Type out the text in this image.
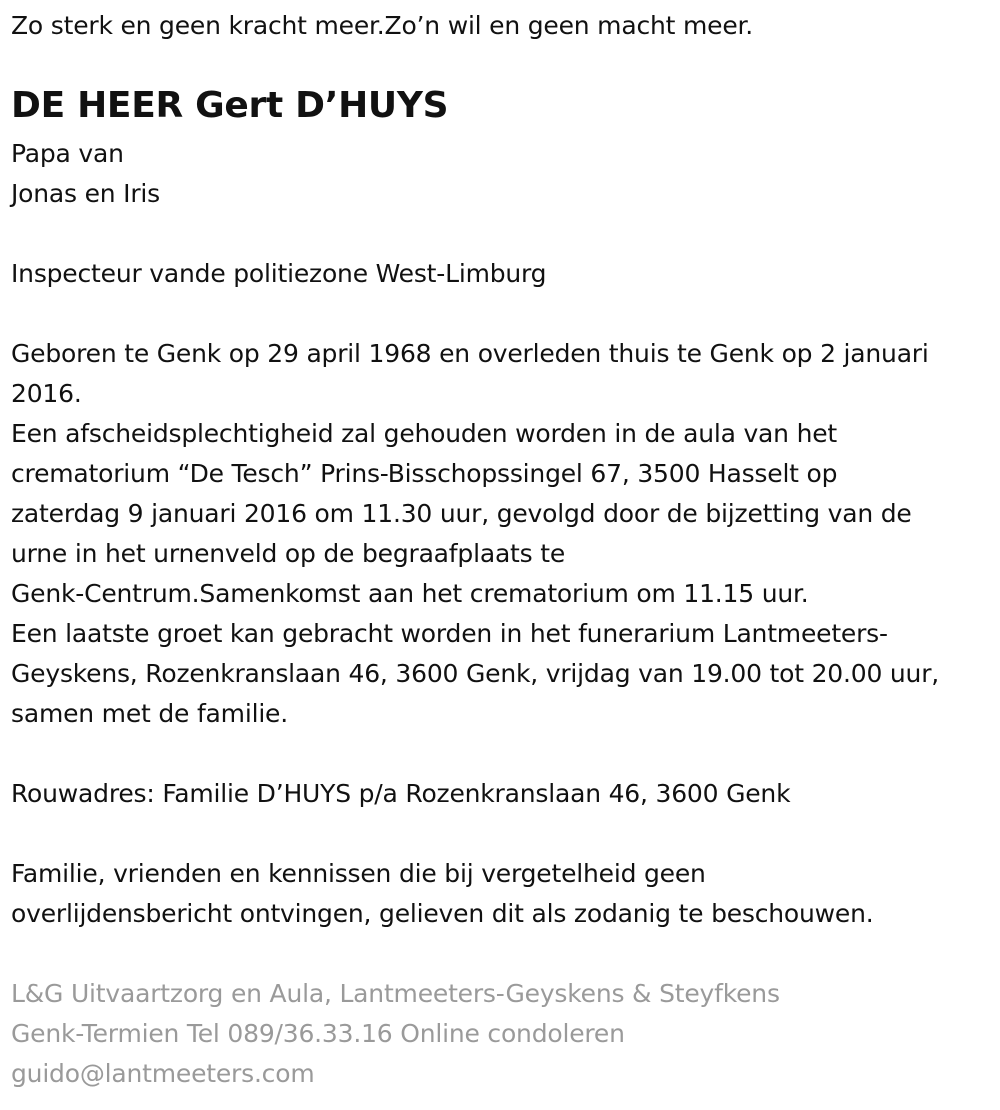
Zo sterk en geen kracht meer.Zo’n wil en geen macht meer.
DE HEER Gert D’HUYS
Papa van
Jonas en Iris
Inspecteur vande politiezone West-Limburg
Geboren te Genk op 29 april 1968 en overleden thuis te Genk op 2 januari
2016.
Een afscheidsplechtigheid zal gehouden worden in de aula van het
crematorium “De Tesch” Prins-Bisschopssingel 67, 3500 Hasselt op
zaterdag 9 januari 2016 om 11.30 uur, gevolgd door de bijzetting van de
urne in het urnenveld op de begraafplaats te
Genk-Centrum.Samenkomst aan het crematorium om 11.15 uur.
Een laatste groet kan gebracht worden in het funerarium Lantmeeters-
Geyskens, Rozenkranslaan 46, 3600 Genk, vrijdag van 19.00 tot 20.00 uur,
samen met de familie.
Rouwadres: Familie D’HUYS p/a Rozenkranslaan 46, 3600 Genk
Familie, vrienden en kennissen die bij vergetelheid geen
overlijdensbericht ontvingen, gelieven dit als zodanig te beschouwen.
L&G Uitvaartzorg en Aula, Lantmeeters-Geyskens & Steyfkens
Genk-Termien Tel 089/36.33.16 Online condoleren
guido@lantmeeters.com
